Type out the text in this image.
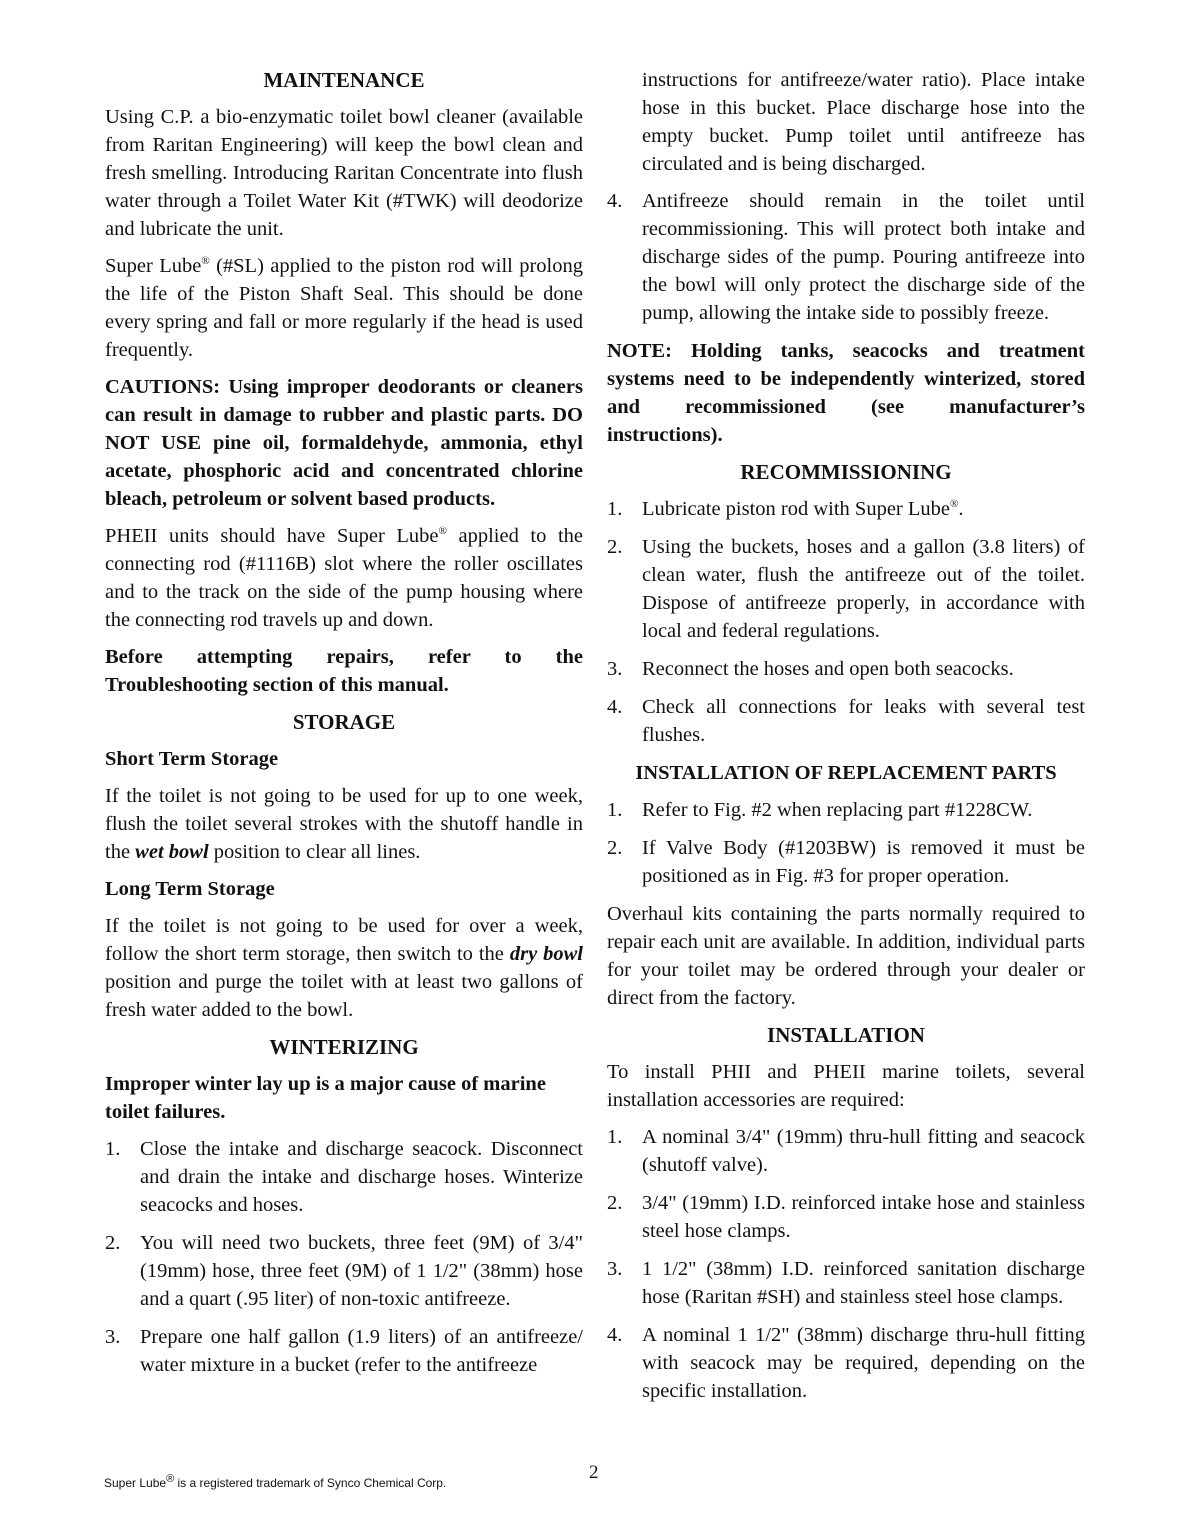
MAINTENANCE

Using C.P. a bio-enzymatic toilet bowl cleaner (available from Raritan Engineering) will keep the bowl clean and fresh smelling. Introducing Raritan Concentrate into flush water through a Toilet Water Kit (#TWK) will deodorize and lubricate the unit.

Super Lube® (#SL) applied to the piston rod will prolong the life of the Piston Shaft Seal. This should be done every spring and fall or more regularly if the head is used frequently.

CAUTIONS: Using improper deodorants or cleaners can result in damage to rubber and plastic parts. DO NOT USE pine oil, formaldehyde, ammonia, ethyl acetate, phosphoric acid and concentrated chlorine bleach, petroleum or solvent based products.

PHEII units should have Super Lube® applied to the connecting rod (#1116B) slot where the roller oscillates and to the track on the side of the pump housing where the connecting rod travels up and down.

Before attempting repairs, refer to the Troubleshooting section of this manual.

STORAGE
Short Term Storage

If the toilet is not going to be used for up to one week, flush the toilet several strokes with the shutoff handle in the wet bowl position to clear all lines.

Long Term Storage

If the toilet is not going to be used for over a week, follow the short term storage, then switch to the dry bowl position and purge the toilet with at least two gallons of fresh water added to the bowl.

WINTERIZING

Improper winter lay up is a major cause of marine toilet failures.

1. Close the intake and discharge seacock. Disconnect and drain the intake and discharge hoses. Winterize seacocks and hoses.
2. You will need two buckets, three feet (9M) of 3/4" (19mm) hose, three feet (9M) of 1 1/2" (38mm) hose and a quart (.95 liter) of non-toxic antifreeze.
3. Prepare one half gallon (1.9 liters) of an antifreeze/ water mixture in a bucket (refer to the antifreeze

instructions for antifreeze/water ratio). Place intake hose in this bucket. Place discharge hose into the empty bucket. Pump toilet until antifreeze has circulated and is being discharged.

4. Antifreeze should remain in the toilet until recommissioning. This will protect both intake and discharge sides of the pump. Pouring antifreeze into the bowl will only protect the discharge side of the pump, allowing the intake side to possibly freeze.

NOTE: Holding tanks, seacocks and treatment systems need to be independently winterized, stored and recommissioned (see manufacturer’s instructions).

RECOMMISSIONING
1. Lubricate piston rod with Super Lube®.
2. Using the buckets, hoses and a gallon (3.8 liters) of clean water, flush the antifreeze out of the toilet. Dispose of antifreeze properly, in accordance with local and federal regulations.
3. Reconnect the hoses and open both seacocks.
4. Check all connections for leaks with several test flushes.
INSTALLATION OF REPLACEMENT PARTS
1. Refer to Fig. #2 when replacing part #1228CW.
2. If Valve Body (#1203BW) is removed it must be positioned as in Fig. #3 for proper operation.

Overhaul kits containing the parts normally required to repair each unit are available. In addition, individual parts for your toilet may be ordered through your dealer or direct from the factory.

INSTALLATION

To install PHII and PHEII marine toilets, several installation accessories are required:

1. A nominal 3/4" (19mm) thru-hull fitting and seacock (shutoff valve).
2. 3/4" (19mm) I.D. reinforced intake hose and stainless steel hose clamps.
3. 1 1/2" (38mm) I.D. reinforced sanitation discharge hose (Raritan #SH) and stainless steel hose clamps.
4. A nominal 1 1/2" (38mm) discharge thru-hull fitting with seacock may be required, depending on the specific installation.
Super Lube® is a registered trademark of Synco Chemical Corp.	2
